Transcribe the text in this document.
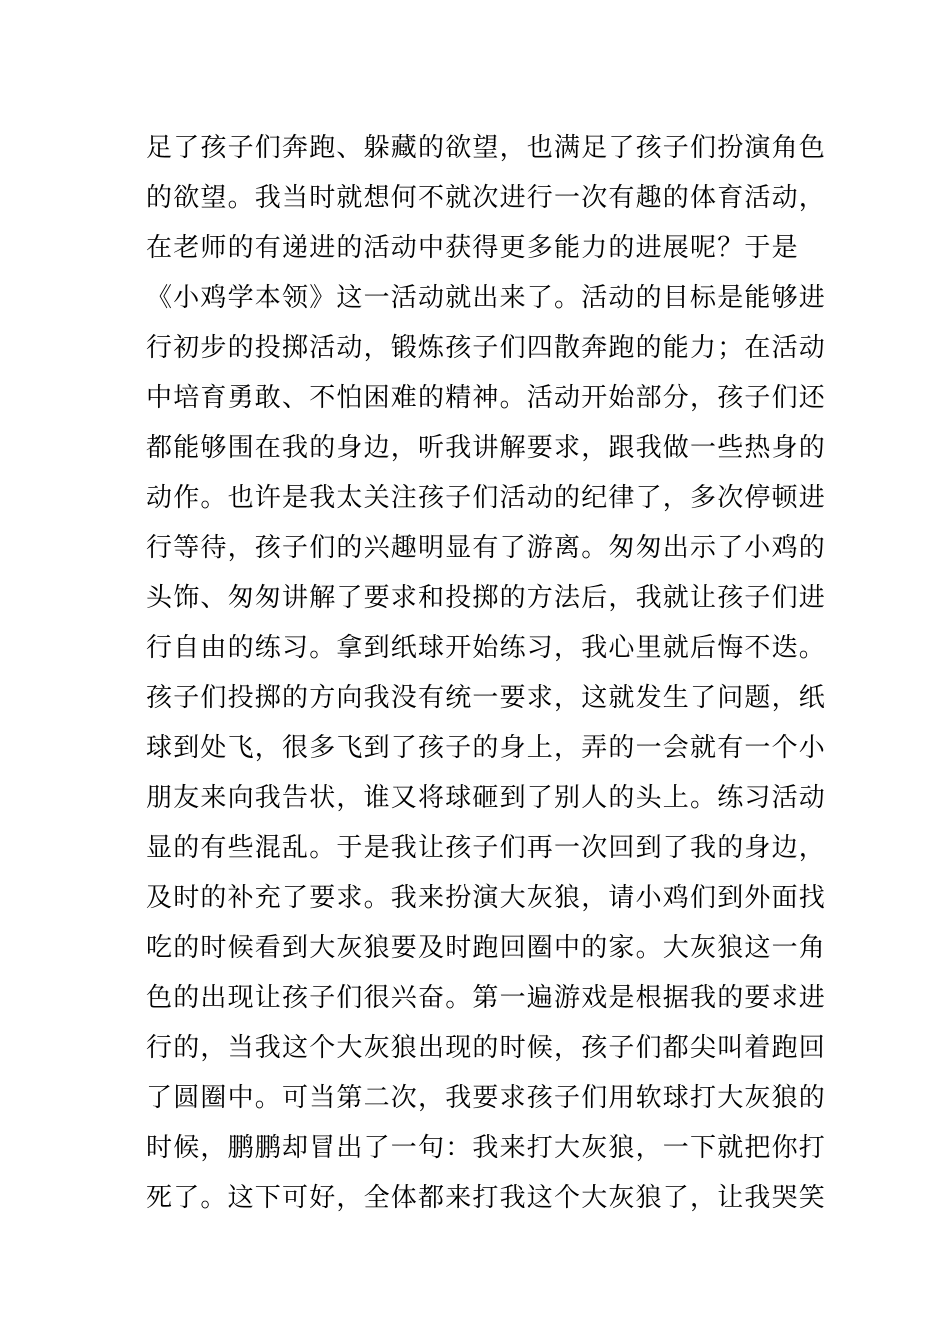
足了孩子们奔跑、躲藏的欲望，也满足了孩子们扮演角色
的欲望。我当时就想何不就次进行一次有趣的体育活动，
在老师的有递进的活动中获得更多能力的进展呢？于是
《小鸡学本领》这一活动就出来了。活动的目标是能够进
行初步的投掷活动，锻炼孩子们四散奔跑的能力；在活动
中培育勇敢、不怕困难的精神。活动开始部分，孩子们还
都能够围在我的身边，听我讲解要求，跟我做一些热身的
动作。也许是我太关注孩子们活动的纪律了，多次停顿进
行等待，孩子们的兴趣明显有了游离。匆匆出示了小鸡的
头饰、匆匆讲解了要求和投掷的方法后，我就让孩子们进
行自由的练习。拿到纸球开始练习，我心里就后悔不迭。
孩子们投掷的方向我没有统一要求，这就发生了问题，纸
球到处飞，很多飞到了孩子的身上，弄的一会就有一个小
朋友来向我告状，谁又将球砸到了别人的头上。练习活动
显的有些混乱。于是我让孩子们再一次回到了我的身边，
及时的补充了要求。我来扮演大灰狼，请小鸡们到外面找
吃的时候看到大灰狼要及时跑回圈中的家。大灰狼这一角
色的出现让孩子们很兴奋。第一遍游戏是根据我的要求进
行的，当我这个大灰狼出现的时候，孩子们都尖叫着跑回
了圆圈中。可当第二次，我要求孩子们用软球打大灰狼的
时候，鹏鹏却冒出了一句：我来打大灰狼，一下就把你打
死了。这下可好，全体都来打我这个大灰狼了，让我哭笑
